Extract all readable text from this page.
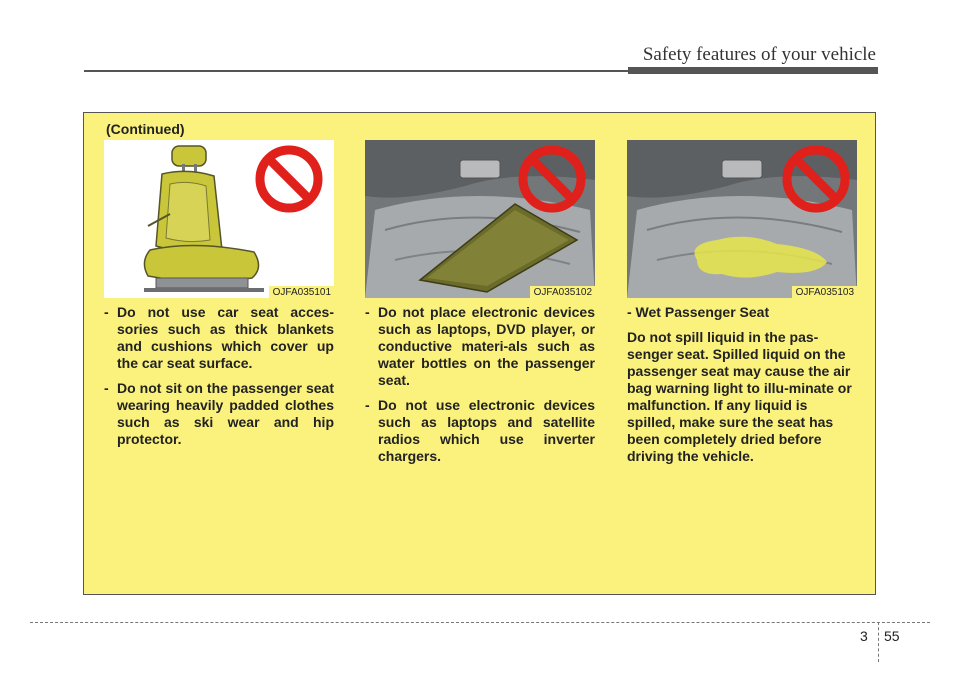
Safety features of your vehicle
(Continued)
OJFA035101

- Do not use car seat acces-sories such as thick blankets and cushions which cover up the car seat surface.

- Do not sit on the passenger seat wearing heavily padded clothes such as ski wear and hip protector.

OJFA035102

- Do not place electronic devices such as laptops, DVD player, or conductive materi-als such as water bottles on the passenger seat.

- Do not use electronic devices such as laptops and satellite radios which use inverter chargers.

OJFA035103

- Wet Passenger Seat

Do not spill liquid in the pas-senger seat. Spilled liquid on the passenger seat may cause the air bag warning light to illu-minate or malfunction. If any liquid is spilled, make sure the seat has been completely dried before driving the vehicle.

3 55
